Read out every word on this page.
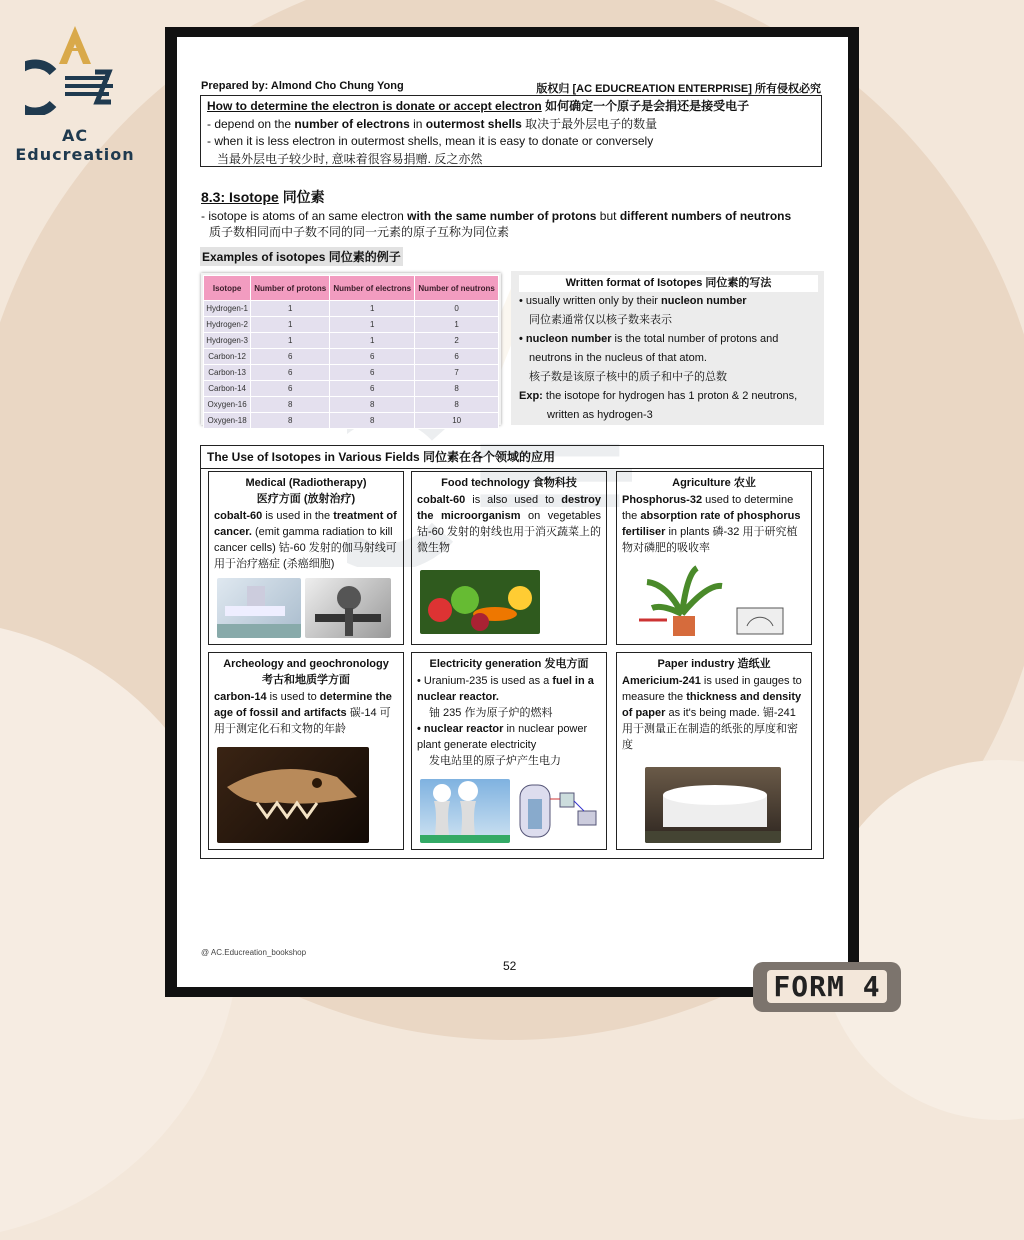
AC Educreation
Prepared by: Almond Cho Chung Yong	版权归 [AC EDUCREATION ENTERPRISE] 所有侵权必究
How to determine the electron is donate or accept electron 如何确定一个原子是会捐还是接受电子
- depend on the number of electrons in outermost shells 取决于最外层电子的数量
- when it is less electron in outermost shells, mean it is easy to donate or conversely
当最外层电子较少时, 意味着很容易捐赠. 反之亦然
8.3: Isotope 同位素
- isotope is atoms of an same electron with the same number of protons but different numbers of neutrons
质子数相同而中子数不同的同一元素的原子互称为同位素
Examples of isotopes 同位素的例子
Isotope	Number of protons	Number of electrons	Number of neutrons
Hydrogen-1	1	1	0
Hydrogen-2	1	1	1
Hydrogen-3	1	1	2
Carbon-12	6	6	6
Carbon-13	6	6	7
Carbon-14	6	6	8
Oxygen-16	8	8	8
Oxygen-18	8	8	10
Written format of Isotopes 同位素的写法
• usually written only by their nucleon number
同位素通常仅以核子数来表示
• nucleon number is the total number of protons and
neutrons in the nucleus of that atom.
核子数是该原子核中的质子和中子的总数
Exp: the isotope for hydrogen has 1 proton & 2 neutrons,
written as hydrogen-3
The Use of Isotopes in Various Fields 同位素在各个领域的应用
Medical (Radiotherapy)
医疗方面 (放射治疗)
cobalt-60 is used in the treatment of cancer. (emit gamma radiation to kill cancer cells) 钴-60 发射的伽马射线可用于治疗癌症 (杀癌细胞)
Food technology 食物科技
cobalt-60 is also used to destroy the microorganism on vegetables 钴-60 发射的射线也用于消灭蔬菜上的微生物
Agriculture 农业
Phosphorus-32 used to determine the absorption rate of phosphorus fertiliser in plants 磷-32 用于研究植物对磷肥的吸收率
Archeology and geochronology
考古和地质学方面
carbon-14 is used to determine the age of fossil and artifacts 碳-14 可用于测定化石和文物的年龄
Electricity generation 发电方面
• Uranium-235 is used as a fuel in a nuclear reactor.
铀 235 作为原子炉的燃料
• nuclear reactor in nuclear power plant generate electricity
发电站里的原子炉产生电力
Paper industry 造纸业
Americium-241 is used in gauges to measure the thickness and density of paper as it's being made. 镅-241 用于测量正在制造的纸张的厚度和密度
@ AC.Educreation_bookshop
52
FORM 4
